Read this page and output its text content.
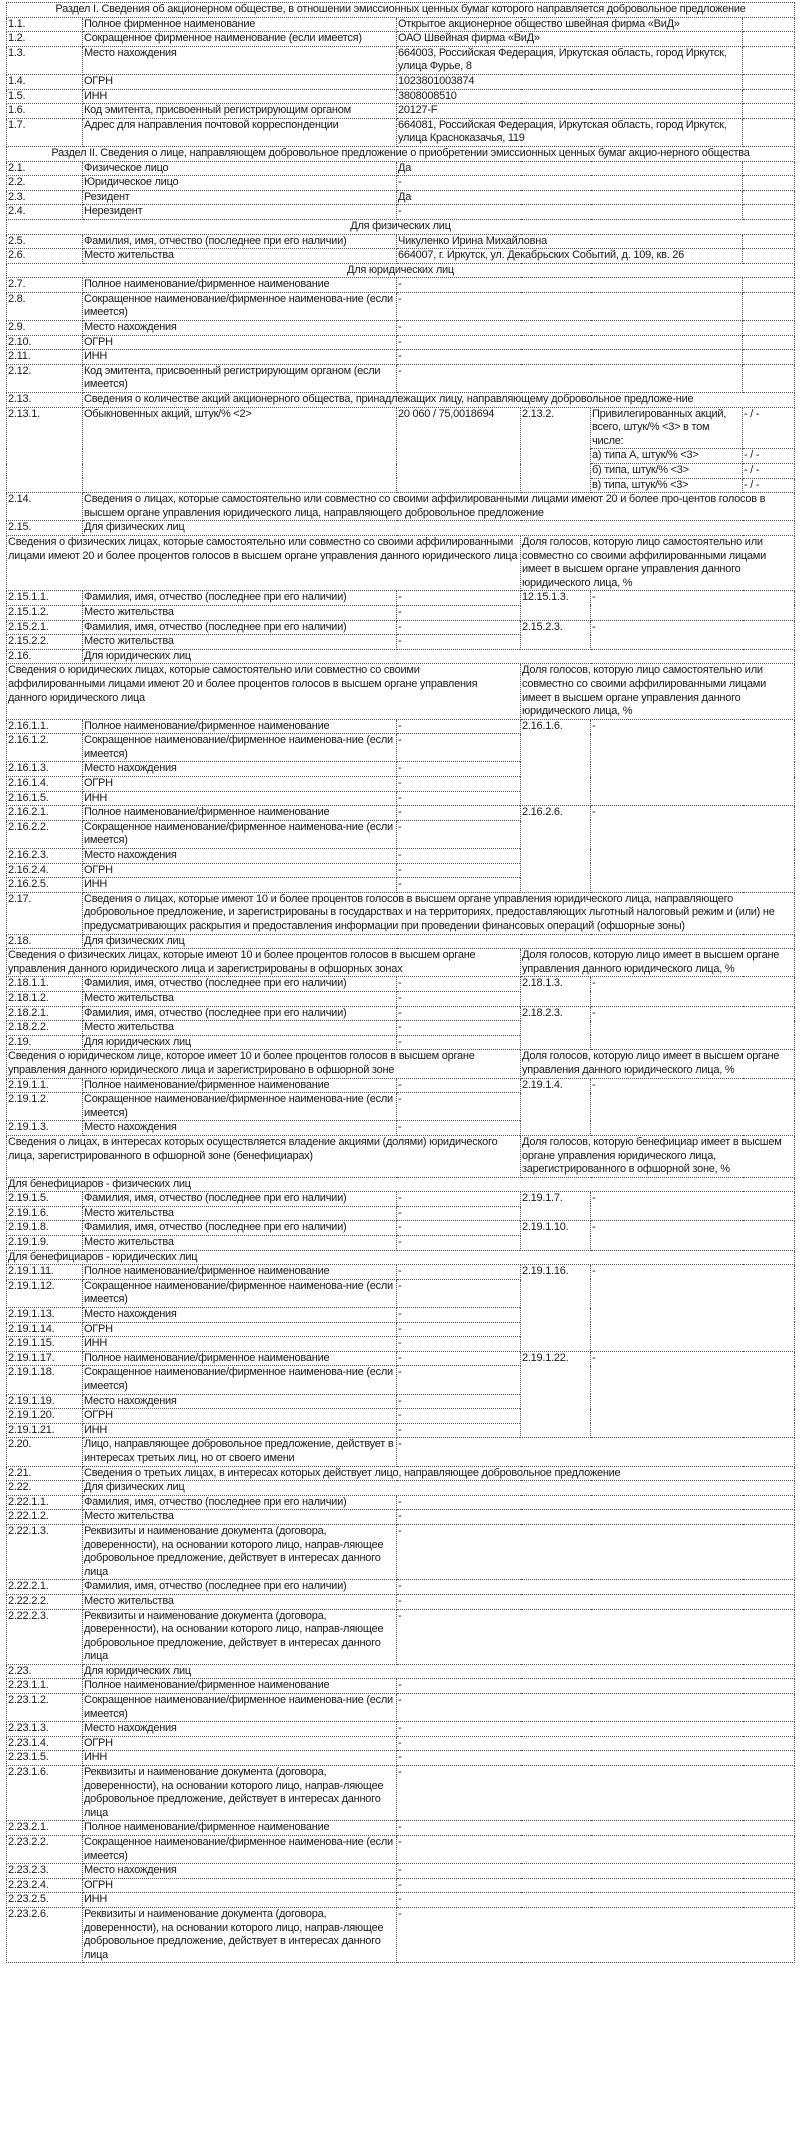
Раздел I. Сведения об акционерном обществе, в отношении эмиссионных ценных бумаг которого направляется добровольное предложение					
1.1.	Полное фирменное наименование	Открытое акционерное общество швейная фирма «ВиД»			
1.2.	Сокращенное фирменное наименование (если имеется)	ОАО Швейная фирма «ВиД»			
1.3.	Место нахождения	664003, Российская Федерация, Иркутская область, город Иркутск, улица Фурье, 8			
1.4.	ОГРН	1023801003874			
1.5.	ИНН	3808008510			
1.6.	Код эмитента, присвоенный регистрирующим органом	20127-F			
1.7.	Адрес для направления почтовой корреспонденции	664081, Российская Федерация, Иркутская область, город Иркутск, улица Красноказачья, 119			
Раздел II. Сведения о лице, направляющем добровольное предложение о приобретении эмиссионных ценных бумаг акцио-нерного общества					
2.1.	Физическое лицо	Да			
2.2.	Юридическое лицо	-			
2.3.	Резидент	Да			
2.4.	Нерезидент	-			
Для физических лиц					
2.5.	Фамилия, имя, отчество (последнее при его наличии)	Чикуленко Ирина Михайловна			
2.6.	Место жительства	664007, г. Иркутск, ул. Декабрьских Событий, д. 109, кв. 26			
Для юридических лиц					
2.7.	Полное наименование/фирменное наименование	-			
2.8.	Сокращенное наименование/фирменное наименова-ние (если имеется)	-			
2.9.	Место нахождения	-			
2.10.	ОГРН	-			
2.11.	ИНН	-			
2.12.	Код эмитента, присвоенный регистрирующим органом (если имеется)	-			
2.13.	Сведения о количестве акций акционерного общества, принадлежащих лицу, направляющему добровольное предложе-ние				
2.13.1.	Обыкновенных акций, штук/% <2>	20 060 / 75,0018694	2.13.2.	Привилегированных акций, всего, штук/% <3> в том числе:	- / -
				а) типа А, штук/% <3>	- / -
				б) типа, штук/% <3>	- / -
				в) типа, штук/% <3>	- / -
2.14.	Сведения о лицах, которые самостоятельно или совместно со своими аффилированными лицами имеют 20 и более про-центов голосов в высшем органе управления юридического лица, направляющего добровольное предложение				
2.15.	Для физических лиц				
Сведения о физических лицах, которые самостоятельно или совместно со своими аффилированными лицами имеют 20 и более процентов голосов в высшем органе управления данного юридического лица			Доля голосов, которую лицо самостоятельно или совместно со своими аффилированными лицами имеет в высшем органе управления данного юридического лица, %		
2.15.1.1.	Фамилия, имя, отчество (последнее при его наличии)	-	12.15.1.3.	-	
2.15.1.2.	Место жительства	-			
2.15.2.1.	Фамилия, имя, отчество (последнее при его наличии)	-	2.15.2.3.	-	
2.15.2.2.	Место жительства	-			
2.16.	Для юридических лиц				
Сведения о юридических лицах, которые самостоятельно или совместно со своими аффилированными лицами имеют 20 и более процентов голосов в высшем органе управления данного юридического лица			Доля голосов, которую лицо самостоятельно или совместно со своими аффилированными лицами имеет в высшем органе управления данного юридического лица, %		
2.16.1.1.	Полное наименование/фирменное наименование	-	2.16.1.6.	-	
2.16.1.2.	Сокращенное наименование/фирменное наименова-ние (если имеется)	-			
2.16.1.3.	Место нахождения	-			
2.16.1.4.	ОГРН	-			
2.16.1.5.	ИНН	-			
2.16.2.1.	Полное наименование/фирменное наименование	-	2.16.2.6.	-	
2.16.2.2.	Сокращенное наименование/фирменное наименова-ние (если имеется)	-			
2.16.2.3.	Место нахождения	-			
2.16.2.4.	ОГРН	-			
2.16.2.5.	ИНН	-			
2.17.	Сведения о лицах, которые имеют 10 и более процентов голосов в высшем органе управления юридического лица, направляющего добровольное предложение, и зарегистрированы в государствах и на территориях, предоставляющих льготный налоговый режим и (или) не предусматривающих раскрытия и предоставления информации при проведении финансовых операций (офшорные зоны)				
2.18.	Для физических лиц				
Сведения о физических лицах, которые имеют 10 и более процентов голосов в высшем органе управления данного юридического лица и зарегистрированы в офшорных зонах			Доля голосов, которую лицо имеет в высшем органе управления данного юридического лица, %		
2.18.1.1.	Фамилия, имя, отчество (последнее при его наличии)	-	2.18.1.3.	-	
2.18.1.2.	Место жительства	-			
2.18.2.1.	Фамилия, имя, отчество (последнее при его наличии)	-	2.18.2.3.	-	
2.18.2.2.	Место жительства	-			
2.19.	Для юридических лиц	-			
Сведения о юридическом лице, которое имеет 10 и более процентов голосов в высшем органе управления данного юридического лица и зарегистрировано в офшорной зоне			Доля голосов, которую лицо имеет в высшем органе управления данного юридического лица, %		
2.19.1.1.	Полное наименование/фирменное наименование	-	2.19.1.4.	-	
2.19.1.2.	Сокращенное наименование/фирменное наименова-ние (если имеется)	-			
2.19.1.3.	Место нахождения	-			
Сведения о лицах, в интересах которых осуществляется владение акциями (долями) юридического лица, зарегистрированного в офшорной зоне (бенефициарах)			Доля голосов, которую бенефициар имеет в высшем органе управления юридического лица, зарегистрированного в офшорной зоне, %		
Для бенефициаров - физических лиц					
2.19.1.5.	Фамилия, имя, отчество (последнее при его наличии)	-	2.19.1.7.	-	
2.19.1.6.	Место жительства	-			
2.19.1.8.	Фамилия, имя, отчество (последнее при его наличии)	-	2.19.1.10.	-	
2.19.1.9.	Место жительства	-			
Для бенефициаров - юридических лиц					
2.19.1.11.	Полное наименование/фирменное наименование	-	2.19.1.16.	-	
2.19.1.12.	Сокращенное наименование/фирменное наименова-ние (если имеется)	-			
2.19.1.13.	Место нахождения	-			
2.19.1.14.	ОГРН	-			
2.19.1.15.	ИНН	-			
2.19.1.17.	Полное наименование/фирменное наименование	-	2.19.1.22.	-	
2.19.1.18.	Сокращенное наименование/фирменное наименова-ние (если имеется)	-			
2.19.1.19.	Место нахождения	-			
2.19.1.20.	ОГРН	-			
2.19.1.21.	ИНН	-			
2.20.	Лицо, направляющее добровольное предложение, действует в интересах третьих лиц, но от своего имени	-			
2.21.	Сведения о третьих лицах, в интересах которых действует лицо, направляющее добровольное предложение				
2.22.	Для физических лиц				
2.22.1.1.	Фамилия, имя, отчество (последнее при его наличии)	-			
2.22.1.2.	Место жительства	-			
2.22.1.3.	Реквизиты и наименование документа (договора, доверенности), на основании которого лицо, направ-ляющее добровольное предложение, действует в интересах данного лица	-			
2.22.2.1.	Фамилия, имя, отчество (последнее при его наличии)	-			
2.22.2.2.	Место жительства	-			
2.22.2.3.	Реквизиты и наименование документа (договора, доверенности), на основании которого лицо, направ-ляющее добровольное предложение, действует в интересах данного лица	-			
2.23.	Для юридических лиц				
2.23.1.1.	Полное наименование/фирменное наименование	-			
2.23.1.2.	Сокращенное наименование/фирменное наименова-ние (если имеется)	-			
2.23.1.3.	Место нахождения	-			
2.23.1.4.	ОГРН	-			
2.23.1.5.	ИНН	-			
2.23.1.6.	Реквизиты и наименование документа (договора, доверенности), на основании которого лицо, направ-ляющее добровольное предложение, действует в интересах данного лица	-			
2.23.2.1.	Полное наименование/фирменное наименование	-			
2.23.2.2.	Сокращенное наименование/фирменное наименова-ние (если имеется)	-			
2.23.2.3.	Место нахождения	-			
2.23.2.4.	ОГРН	-			
2.23.2.5.	ИНН	-			
2.23.2.6.	Реквизиты и наименование документа (договора, доверенности), на основании которого лицо, направ-ляющее добровольное предложение, действует в интересах данного лица	-			
